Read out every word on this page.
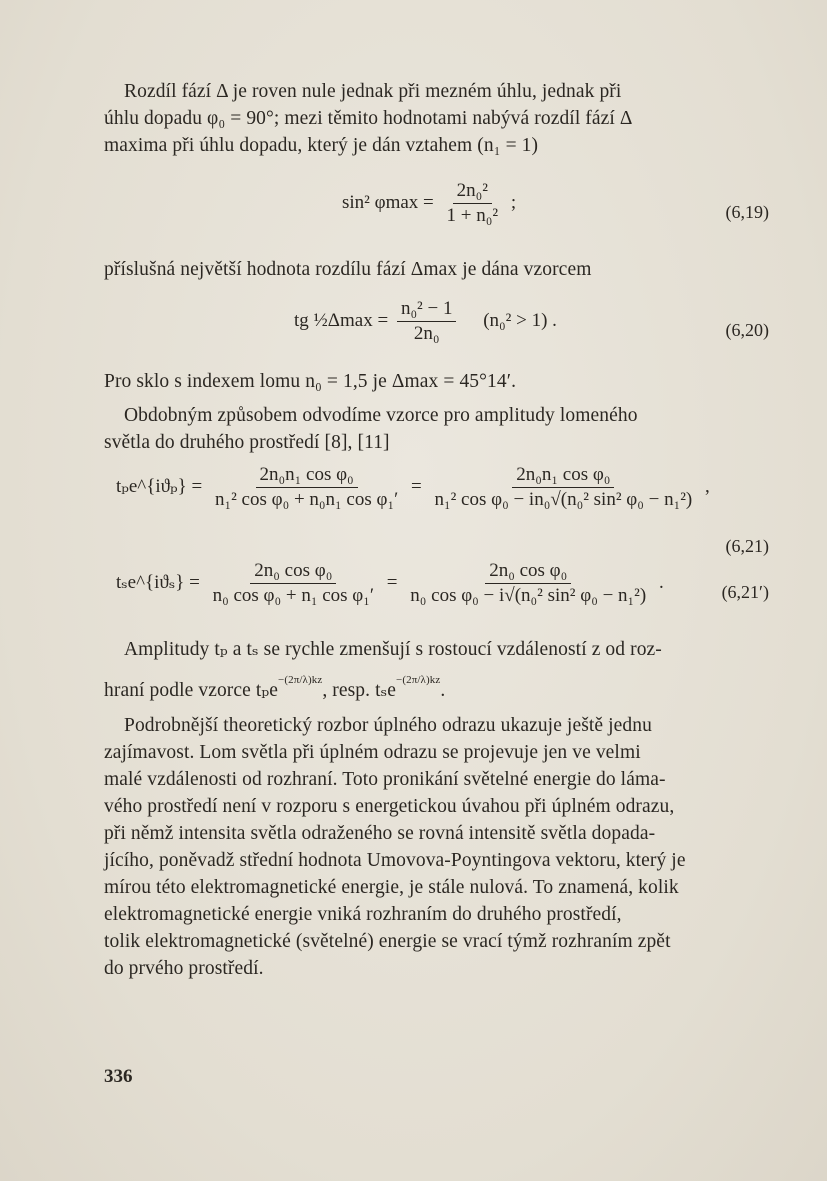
Rozdíl fází Δ je roven nule jednak při mezném úhlu, jednak při

úhlu dopadu φ₀ = 90°; mezi těmito hodnotami nabývá rozdíl fází Δ

maxima při úhlu dopadu, který je dán vztahem (n₁ = 1)

sin² $\varphi\max = \frac{\text{2n₀²}}{\text{1 + n₀²}}$ ;	(6,19)
příslušná největší hodnota rozdílu fází Δmax je dána vzorcem
tg ½Δmax = $\frac{\text{n₀² − 1}}{\text{2n₀}} (n_0^2 > 1)$ .	(6,20)
Pro sklo s indexem lomu n₀ = 1,5 je Δmax = 45°14′.

Obdobným způsobem odvodíme vzorce pro amplitudy lomeného

světla do druhého prostředí [8], [11]

tₚe^{iϑₚ} = $\frac{\text{2n₀n₁ cos φ₀}}{\text{n₁² cos φ₀ + n₀n₁ cos φ₁′}} = \frac{\text{2n₀n₁ cos φ₀}}{\text{n₁² cos φ₀ − in₀√(n₀² sin² φ₀ − n₁²)}}$ ,
(6,21)
tₛe^{iϑₛ} = $\frac{\text{2n₀ cos φ₀}}{\text{n₀ cos φ₀ + n₁ cos φ₁′}} = \frac{\text{2n₀ cos φ₀}}{\text{n₀ cos φ₀ − i√(n₀² sin² φ₀ − n₁²)}}$ .	(6,21′)

Amplitudy tₚ a tₛ se rychle zmenšují s rostoucí vzdáleností z od roz-

hraní podle vzorce tₚe$^{-(2\pi/\lambda)kz}$, resp. tₛe$^{-(2\pi/\lambda)kz}$.

Podrobnější theoretický rozbor úplného odrazu ukazuje ještě jednu

zajímavost. Lom světla při úplném odrazu se projevuje jen ve velmi

malé vzdálenosti od rozhraní. Toto pronikání světelné energie do láma-

vého prostředí není v rozporu s energetickou úvahou při úplném odrazu,

při němž intensita světla odraženého se rovná intensitě světla dopada-

jícího, poněvadž střední hodnota Umovova-Poyntingova vektoru, který je

mírou této elektromagnetické energie, je stále nulová. To znamená, kolik

elektromagnetické energie vniká rozhraním do druhého prostředí,

tolik elektromagnetické (světelné) energie se vrací týmž rozhraním zpět

do prvého prostředí.

336
